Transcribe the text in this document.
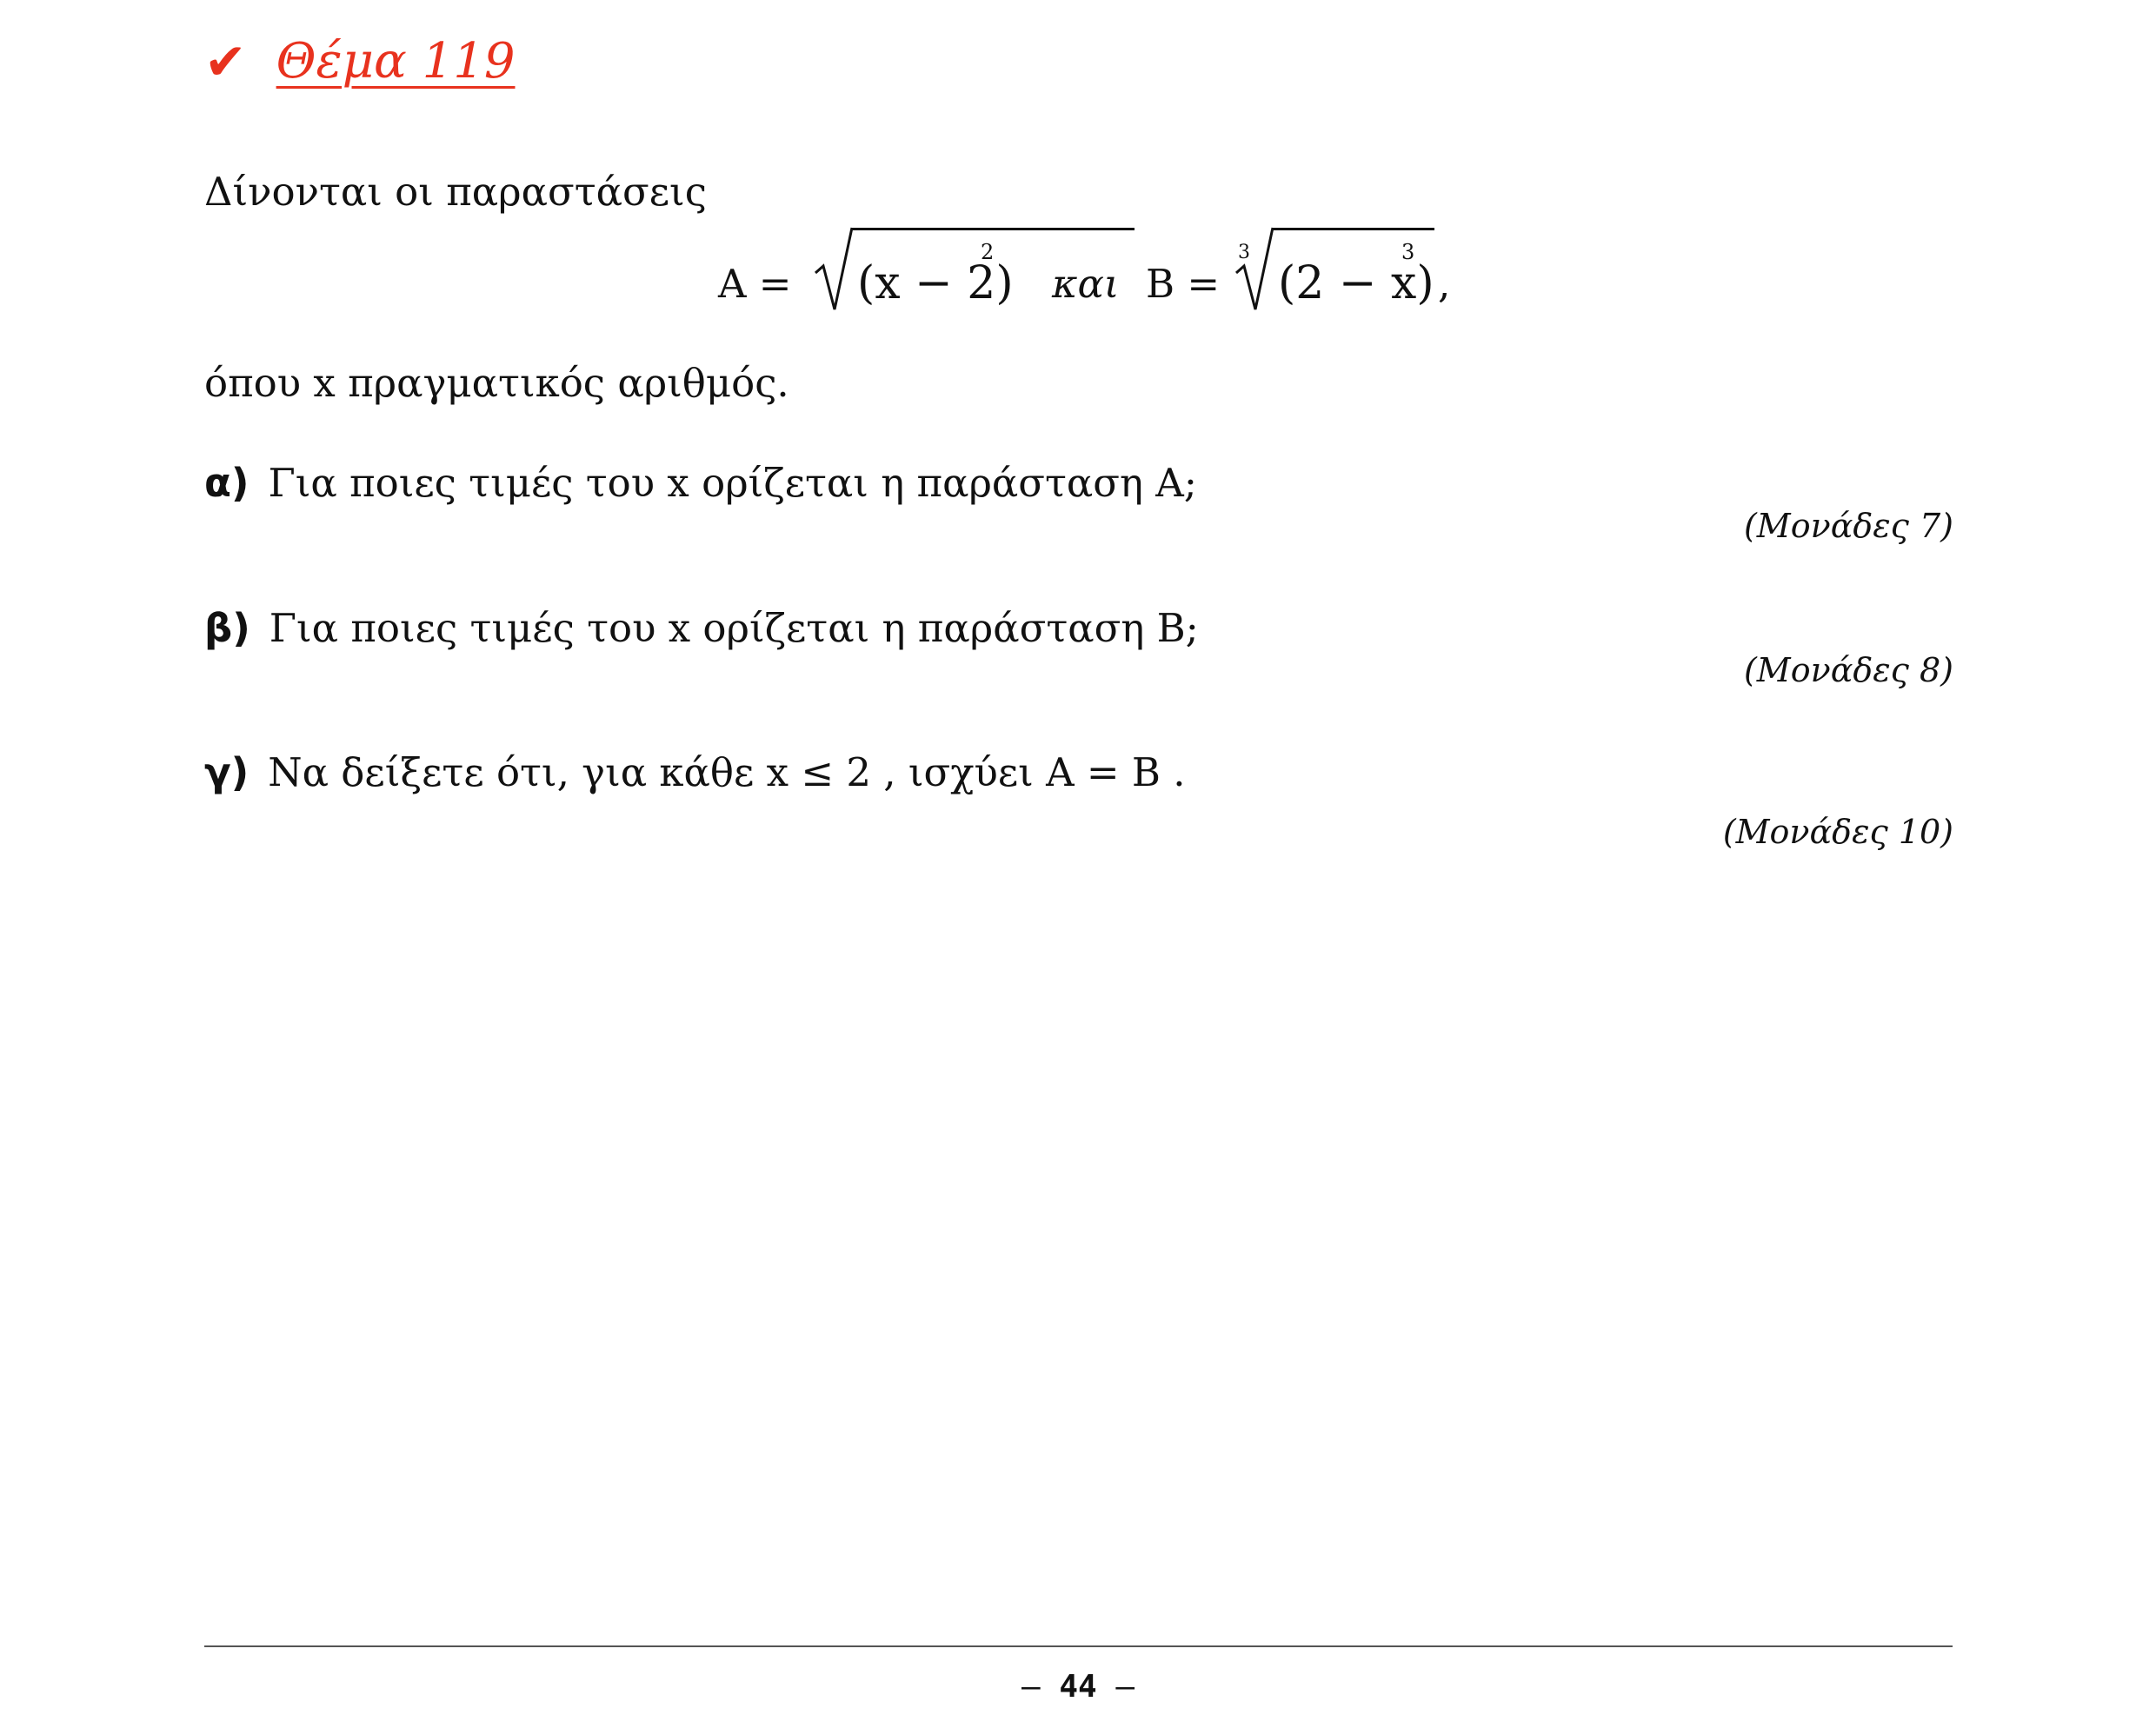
✔ Θέμα 119
Δίνονται οι παραστάσεις
A = (x − 2)
2
και B =
3
(2 − x)
3
,
όπου x πραγματικός αριθμός.
α) Για ποιες τιμές του x ορίζεται η παράσταση A;
(Μονάδες 7)
β) Για ποιες τιμές του x ορίζεται η παράσταση B;
(Μονάδες 8)
γ) Να δείξετε ότι, για κάθε x ≤ 2 , ισχύει A = B .
(Μονάδες 10)
– 44 –
